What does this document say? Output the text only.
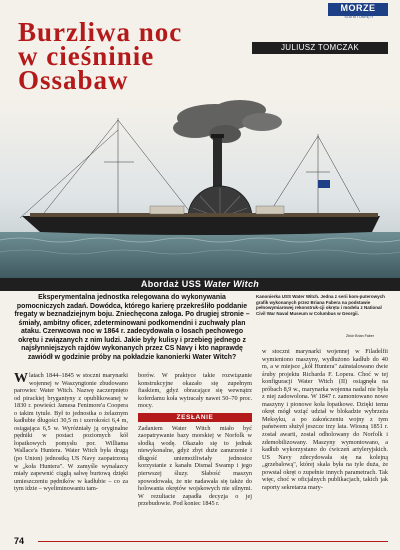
MORZE
STATKI I OKRĘTY
Burzliwa noc
w cieśninie
Ossabaw
JULIUSZ TOMCZAK
Abordaż USS Water Witch

Eksperymentalna jednostka relegowana do wykonywania pomocniczych zadań. Dowódca, którego karierę przekreśliło poddanie fregaty w beznadziejnym boju. Zniechęcona załoga. Po drugiej stronie – śmiały, ambitny oficer, zdeterminowani podkomendni i zuchwały plan ataku. Czerwcowa noc w 1864 r. zadecydowała o losach pechowego okrętu i związanych z nim ludzi. Jakie były kulisy i przebieg jednego z najsłynniejszych rajdów wykonanych przez CS Navy i kto naprawdę zawiódł w godzinie próby na pokładzie kanonierki Water Witch?

Kanonierka USS Water Witch. Jedna z serii kom-puterowych grafik wykonanych przez Briana Fabera na podstawie pełnowymiarowej rekonstruk-cji okrętu i modelu z National Civil War Naval Museum w Columbus w Georgii.

Zbiór Brian Faber

W latach 1844–1845 w stoczni marynarki wojennej w Waszyngtonie zbudowano parowiec Water Witch. Nazwę zaczerpnięto od pirackiej brygantyny z opublikowanej w 1830 r. powieści Jamesa Fenimore'a Coopera o takim tytule. Był to jednostka o żelaznym kadłubie długości 30,5 m i szerokości 6,4 m, osiągająca 6,5 w. Wyróżniały ją oryginalne pędniki w postaci poziomych kół łopatkowych pomysłu por. Williama Wallace'a Huntera. Water Witch była drugą (po Union) jednostką US Navy zaopatrzoną w „koła Huntera". W zamyśle wynalazcy miały zapewnić ciągłą salwę burtową dzięki umieszczeniu pędników w kadłubie – co za tym idzie – wyeliminowaniu tam-

borów. W praktyce takie rozwiązanie konstrukcyjne okazało się zupełnym fiaskiem, gdyż obracające się wewnątrz koferdamu koła wytracały nawet 50–70 proc. mocy.
ZESŁANIE
Zadaniem Water Witch miało być zaopatrywanie bazy morskiej w Norfolk w słodką wodę. Okazało się to jednak niewykonalne, gdyż zbyt duże zanurzenie i długość uniemożliwiały jednostce korzystanie z kanału Dismal Swamp i jego pierwszej śluzy. Słabość maszyn spowodowała, że nie nadawała się także do holowania okrętów wojskowych nie silnymi. W rezultacie zapadła decyzja o jej przebudowie. Pod koniec 1845 r.

w stoczni marynarki wojennej w Filadelfii wymieniono maszyny, wydłużono kadłub do 40 m, a w miejsce „kół Huntera" zainstalowano dwie śruby projektu Richarda F. Lopera. Choć w tej konfiguracji Water Witch (II) osiągnęła na próbach 8,9 w., marynarka wojenna nadal nie była z niej zadowolona. W 1847 r. zamontowano nowe maszyny i pionowe koła łopatkowe. Dzięki temu okręt mógł wziąć udział w blokadzie wybrzeża Meksyku, a po zakończeniu wojny z tym państwem służył jeszcze trzy lata. Wiosną 1851 r. został awarii, został odholowany do Norfolk i zdemobilizowany. Maszyny wymontowano, a kadłub wykorzystano do ćwiczeń artyleryjskich. US Navy zdecydowała się na kolejną „grzebalową", której skala była na tyle duża, że powstał okręt o zupełnie innych parametrach. Tak więc, choć w oficjalnych publikacjach, takich jak raporty sekretarza mary-

74
